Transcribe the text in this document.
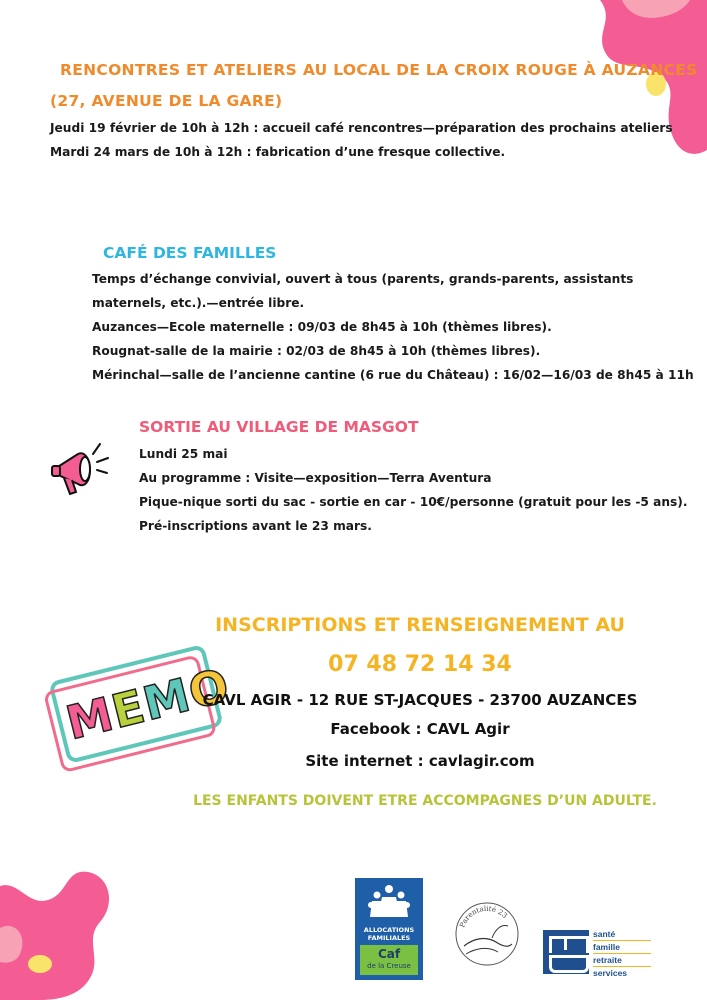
RENCONTRES ET ATELIERS AU LOCAL DE LA CROIX ROUGE À AUZANCES
(27, AVENUE DE LA GARE)
Jeudi 19 février de 10h à 12h : accueil café rencontres—préparation des prochains ateliers
Mardi 24 mars de 10h à 12h : fabrication d’une fresque collective.
CAFÉ DES FAMILLES
Temps d’échange convivial, ouvert à tous (parents, grands-parents, assistants maternels, etc.).—entrée libre.
Auzances—Ecole maternelle : 09/03 de 8h45 à 10h (thèmes libres).
Rougnat-salle de la mairie : 02/03 de 8h45 à 10h (thèmes libres).
Mérinchal—salle de l’ancienne cantine (6 rue du Château) : 16/02—16/03 de 8h45 à 11h
SORTIE AU VILLAGE DE MASGOT
Lundi 25 mai
Au programme : Visite—exposition—Terra Aventura
Pique-nique sorti du sac - sortie en car - 10€/personne (gratuit pour les -5 ans). Pré-inscriptions avant le 23 mars.
MEMO
INSCRIPTIONS ET RENSEIGNEMENT AU
07 48 72 14 34
CAVL AGIR - 12 RUE ST-JACQUES - 23700 AUZANCES
Facebook : CAVL Agir
Site internet : cavlagir.com
LES ENFANTS DOIVENT ETRE ACCOMPAGNES D’UN ADULTE.
ALLOCATIONS
FAMILIALES
Caf
de la Creuse
Parentalité 23
santé
famille
retraite
services
